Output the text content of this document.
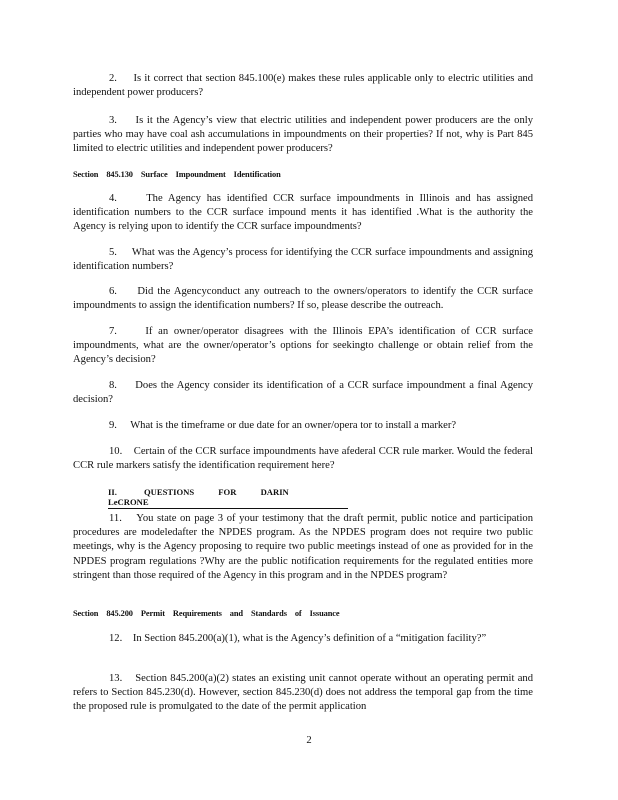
2.     Is it correct that section 845.100(e) makes these rules applicable only to electric utilities and independent power producers?

3.     Is it the Agency’s view that electric utilities and independent power producers are the only parties who may have coal ash accumulations in impoundments on their properties? If not, why is Part 845 limited to electric utilities and independent power producers?

Section 845.130 Surface Impoundment Identification

4.     The Agency has identified CCR surface impoundments in Illinois and has assigned identification numbers to the CCR surface impound ments it has identified .What is the authority the Agency is relying upon to identify the CCR surface impoundments?

5.     What was the Agency’s process for identifying the CCR surface impoundments and assigning identification numbers?

6.     Did the Agencyconduct any outreach to the owners/operators to identify the CCR surface impoundments to assign the identification numbers? If so, please describe the outreach.

7.     If an owner/operator disagrees with the Illinois EPA’s identification of CCR surface impoundments, what are the owner/operator’s options for seekingto challenge or obtain relief from the Agency’s decision?

8.     Does the Agency consider its identification of a CCR surface impoundment a final Agency decision?

9.     What is the timeframe or due date for an owner/opera tor to install a marker?

10.    Certain of the CCR surface impoundments have afederal CCR rule marker. Would the federal CCR rule markers satisfy the identification requirement here?

II.	QUESTIONS FOR DARIN LeCRONE

11.    You state on page 3 of your testimony that the draft permit, public notice and participation procedures are modeledafter the NPDES program. As the NPDES program does not require two public meetings, why is the Agency proposing to require two public meetings instead of one as provided for in the NPDES program regulations ?Why are the public notification requirements for the regulated entities more stringent than those required of the Agency in this program and in the NPDES program?

Section 845.200 Permit Requirements and Standards of Issuance

12.    In Section 845.200(a)(1), what is the Agency’s definition of a “mitigation facility?”

13.    Section 845.200(a)(2) states an existing unit cannot operate without an operating permit and refers to Section 845.230(d). However, section 845.230(d) does not address the temporal gap from the time the proposed rule is promulgated to the date of the permit application

2
